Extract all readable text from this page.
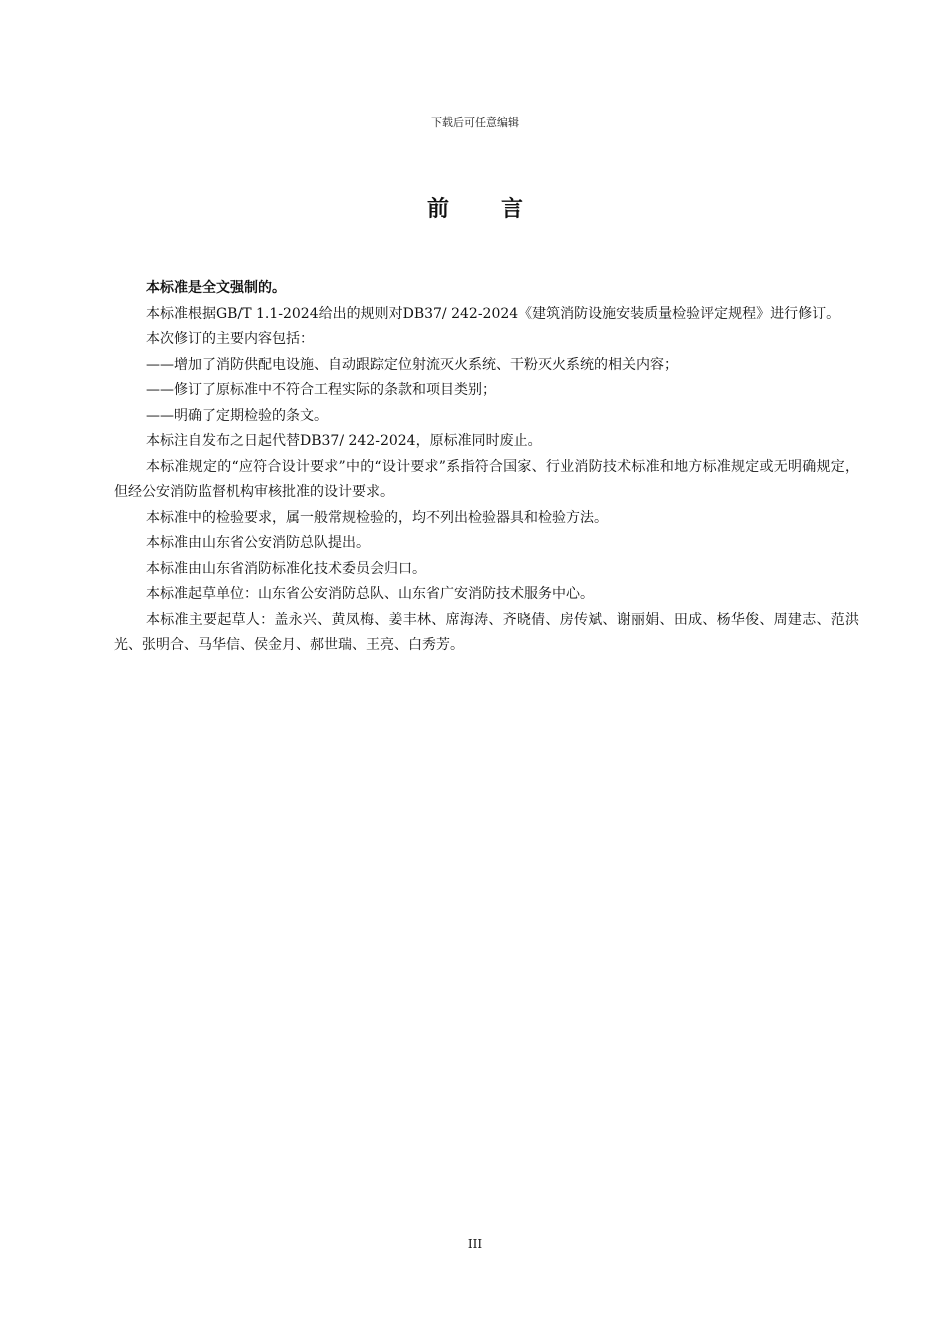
下载后可任意编辑
前言

本标准是全文强制的。

本标准根据GB/T 1.1-2024给出的规则对DB37/ 242-2024《建筑消防设施安装质量检验评定规程》进行修订。

本次修订的主要内容包括：

——增加了消防供配电设施、自动跟踪定位射流灭火系统、干粉灭火系统的相关内容；

——修订了原标准中不符合工程实际的条款和项目类别；

——明确了定期检验的条文。

本标注自发布之日起代替DB37/ 242-2024，原标准同时废止。

本标准规定的“应符合设计要求”中的“设计要求”系指符合国家、行业消防技术标准和地方标准规定或无明确规定，但经公安消防监督机构审核批准的设计要求。

本标准中的检验要求，属一般常规检验的，均不列出检验器具和检验方法。

本标准由山东省公安消防总队提出。

本标准由山东省消防标准化技术委员会归口。

本标准起草单位：山东省公安消防总队、山东省广安消防技术服务中心。

本标准主要起草人：盖永兴、黄凤梅、姜丰林、席海涛、齐晓倩、房传斌、谢丽娟、田成、杨华俊、周建志、范洪光、张明合、马华信、侯金月、郝世瑞、王亮、白秀芳。

III
